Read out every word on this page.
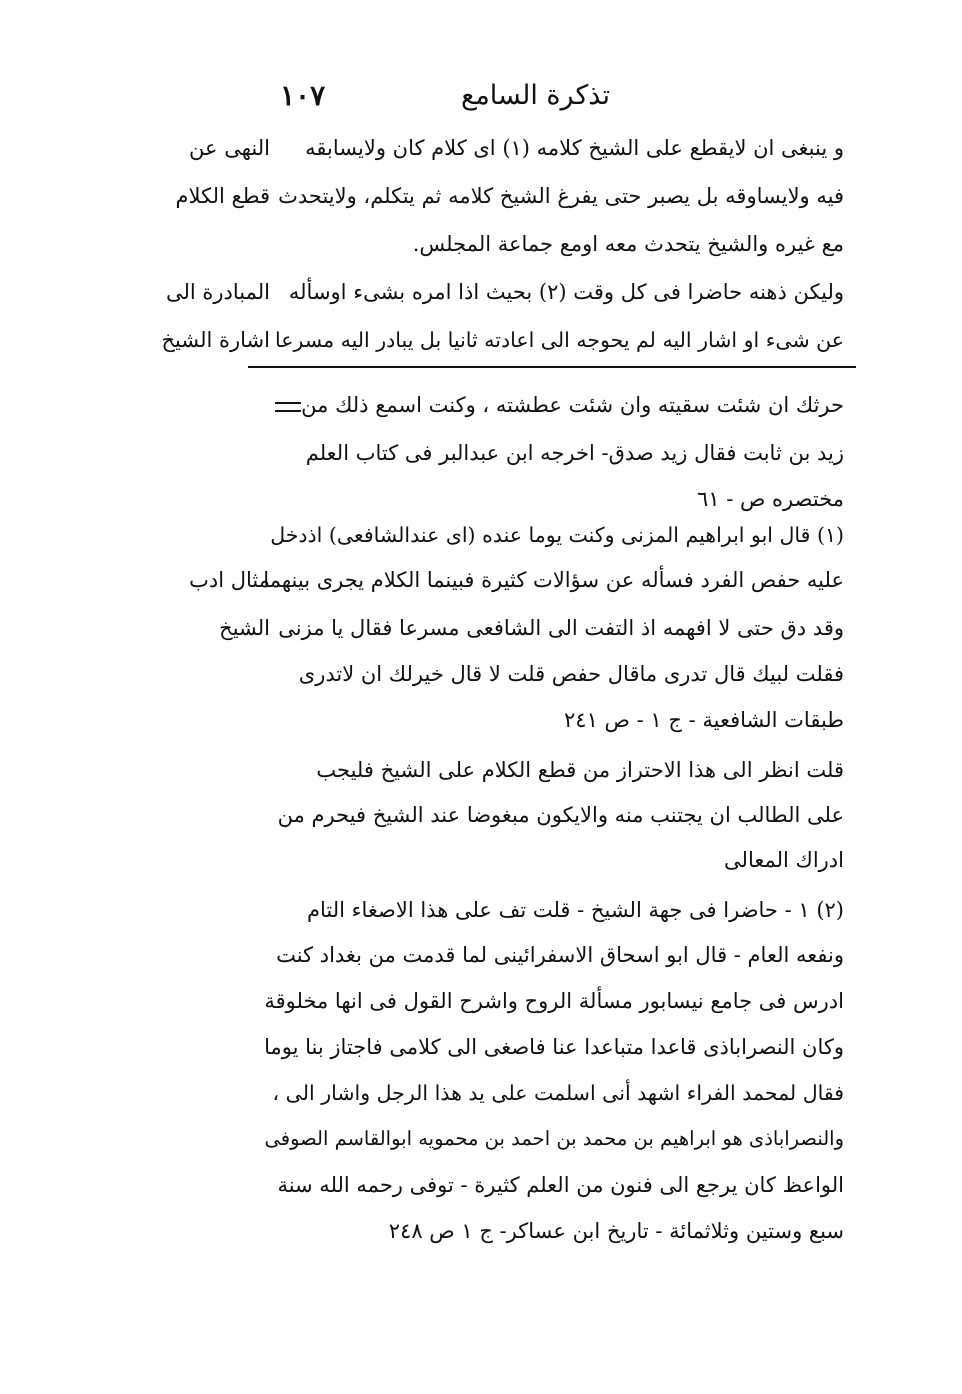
١٠٧	تذكرة السامع
و ينبغى ان لايقطع على الشيخ كلامه (١) اى كلام كان ولايسابقه
فيه ولايساوقه بل يصبر حتى يفرغ الشيخ كلامه ثم يتكلم، ولايتحدث
مع غيره والشيخ يتحدث معه اومع جماعة المجلس.
وليكن ذهنه حاضرا فى كل وقت (٢) بحيث اذا امره بشىء اوسأله
عن شىء او اشار اليه لم يحوجه الى اعادته ثانيا بل يبادر اليه مسرعا
النهى عن
قطع الكلام
المبادرة الى
اشارة الشيخ
مثال ادب
الشيخ
حرثك ان شئت سقيته وان شئت عطشته ، وكنت اسمع ذلك من
زيد بن ثابت فقال زيد صدق- اخرجه ابن عبدالبر فى كتاب العلم
مختصره ص - ٦١
(١) قال ابو ابراهيم المزنى وكنت يوما عنده (اى عندالشافعى) اذدخل
عليه حفص الفرد فسأله عن سؤالات كثيرة فبينما الكلام يجرى بينهما
وقد دق حتى لا افهمه اذ التفت الى الشافعى مسرعا فقال يا مزنى
فقلت لبيك قال تدرى ماقال حفص قلت لا قال خيرلك ان لاتدرى
طبقات الشافعية - ج ١ - ص ٢٤١
قلت انظر الى هذا الاحتراز من قطع الكلام على الشيخ فليجب
على الطالب ان يجتنب منه والايكون مبغوضا عند الشيخ فيحرم من
ادراك المعالى
(٢) ١ - حاضرا فى جهة الشيخ - قلت تف على هذا الاصغاء التام
ونفعه العام - قال ابو اسحاق الاسفرائينى لما قدمت من بغداد كنت
ادرس فى جامع نيسابور مسألة الروح واشرح القول فى انها مخلوقة
وكان النصراباذى قاعدا متباعدا عنا فاصغى الى كلامى فاجتاز بنا يوما
فقال لمحمد الفراء اشهد أنى اسلمت على يد هذا الرجل واشار الى ،
والنصراباذى هو ابراهيم بن محمد بن احمد بن محمويه ابوالقاسم الصوفى
الواعظ كان يرجع الى فنون من العلم كثيرة - توفى رحمه الله سنة
سبع وستين وثلاثمائة - تاريخ ابن عساكر- ج ١ ص ٢٤٨
